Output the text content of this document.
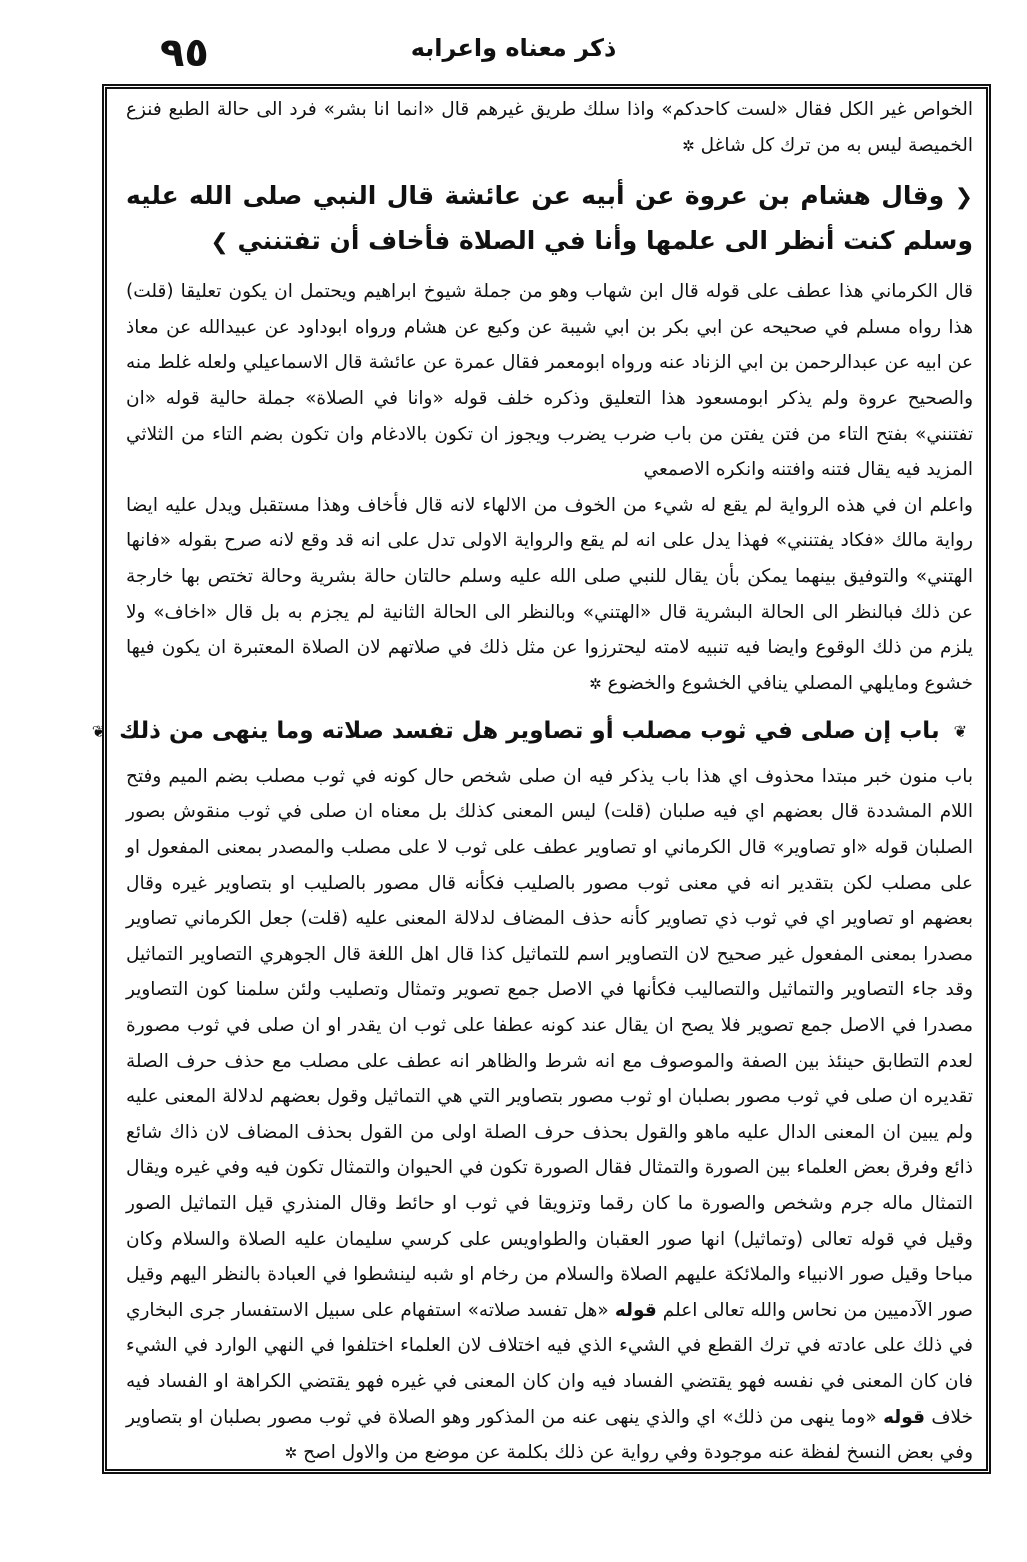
٩٥	ذكر معناه واعرابه

الخواص غير الكل فقال «لست كاحدكم» واذا سلك طريق غيرهم قال «انما انا بشر» فرد الى حالة الطبع فنزع الخميصة ليس به من ترك كل شاغل ✲

❮ وقال هشام بن عروة عن أبيه عن عائشة قال النبي صلى الله عليه وسلم كنت أنظر الى علمها وأنا في الصلاة فأخاف أن تفتنني ❯

قال الكرماني هذا عطف على قوله قال ابن شهاب وهو من جملة شيوخ ابراهيم ويحتمل ان يكون تعليقا (قلت) هذا رواه مسلم في صحيحه عن ابي بكر بن ابي شيبة عن وكيع عن هشام ورواه ابوداود عن عبيدالله عن معاذ عن ابيه عن عبدالرحمن بن ابي الزناد عنه ورواه ابومعمر فقال عمرة عن عائشة قال الاسماعيلي ولعله غلط منه والصحيح عروة ولم يذكر ابومسعود هذا التعليق وذكره خلف قوله «وانا في الصلاة» جملة حالية قوله «ان تفتنني» بفتح التاء من فتن يفتن من باب ضرب يضرب ويجوز ان تكون بالادغام وان تكون بضم التاء من الثلاثي المزيد فيه يقال فتنه وافتنه وانكره الاصمعي

واعلم ان في هذه الرواية لم يقع له شيء من الخوف من الالهاء لانه قال فأخاف وهذا مستقبل ويدل عليه ايضا رواية مالك «فكاد يفتنني» فهذا يدل على انه لم يقع والرواية الاولى تدل على انه قد وقع لانه صرح بقوله «فانها الهتني» والتوفيق بينهما يمكن بأن يقال للنبي صلى الله عليه وسلم حالتان حالة بشرية وحالة تختص بها خارجة عن ذلك فبالنظر الى الحالة البشرية قال «الهتني» وبالنظر الى الحالة الثانية لم يجزم به بل قال «اخاف» ولا يلزم من ذلك الوقوع وايضا فيه تنبيه لامته ليحترزوا عن مثل ذلك في صلاتهم لان الصلاة المعتبرة ان يكون فيها خشوع ومايلهي المصلي ينافي الخشوع والخضوع ✲

❦ باب إن صلى في ثوب مصلب أو تصاوير هل تفسد صلاته وما ينهى من ذلك ❦

باب منون خبر مبتدا محذوف اي هذا باب يذكر فيه ان صلى شخص حال كونه في ثوب مصلب بضم الميم وفتح اللام المشددة قال بعضهم اي فيه صلبان (قلت) ليس المعنى كذلك بل معناه ان صلى في ثوب منقوش بصور الصلبان قوله «او تصاوير» قال الكرماني او تصاوير عطف على ثوب لا على مصلب والمصدر بمعنى المفعول او على مصلب لكن بتقدير انه في معنى ثوب مصور بالصليب فكأنه قال مصور بالصليب او بتصاوير غيره وقال بعضهم او تصاوير اي في ثوب ذي تصاوير كأنه حذف المضاف لدلالة المعنى عليه (قلت) جعل الكرماني تصاوير مصدرا بمعنى المفعول غير صحيح لان التصاوير اسم للتماثيل كذا قال اهل اللغة قال الجوهري التصاوير التماثيل وقد جاء التصاوير والتماثيل والتصاليب فكأنها في الاصل جمع تصوير وتمثال وتصليب ولئن سلمنا كون التصاوير مصدرا في الاصل جمع تصوير فلا يصح ان يقال عند كونه عطفا على ثوب ان يقدر او ان صلى في ثوب مصورة لعدم التطابق حينئذ بين الصفة والموصوف مع انه شرط والظاهر انه عطف على مصلب مع حذف حرف الصلة تقديره ان صلى في ثوب مصور بصلبان او ثوب مصور بتصاوير التي هي التماثيل وقول بعضهم لدلالة المعنى عليه ولم يبين ان المعنى الدال عليه ماهو والقول بحذف حرف الصلة اولى من القول بحذف المضاف لان ذاك شائع ذائع وفرق بعض العلماء بين الصورة والتمثال فقال الصورة تكون في الحيوان والتمثال تكون فيه وفي غيره ويقال التمثال ماله جرم وشخص والصورة ما كان رقما وتزويقا في ثوب او حائط وقال المنذري قيل التماثيل الصور وقيل في قوله تعالى (وتماثيل) انها صور العقبان والطواويس على كرسي سليمان عليه الصلاة والسلام وكان مباحا وقيل صور الانبياء والملائكة عليهم الصلاة والسلام من رخام او شبه لينشطوا في العبادة بالنظر اليهم وقيل صور الآدميين من نحاس والله تعالى اعلم قوله «هل تفسد صلاته» استفهام على سبيل الاستفسار جرى البخاري في ذلك على عادته في ترك القطع في الشيء الذي فيه اختلاف لان العلماء اختلفوا في النهي الوارد في الشيء فان كان المعنى في نفسه فهو يقتضي الفساد فيه وان كان المعنى في غيره فهو يقتضي الكراهة او الفساد فيه خلاف قوله «وما ينهى من ذلك» اي والذي ينهى عنه من المذكور وهو الصلاة في ثوب مصور بصلبان او بتصاوير وفي بعض النسخ لفظة عنه موجودة وفي رواية عن ذلك بكلمة عن موضع من والاول اصح ✲
